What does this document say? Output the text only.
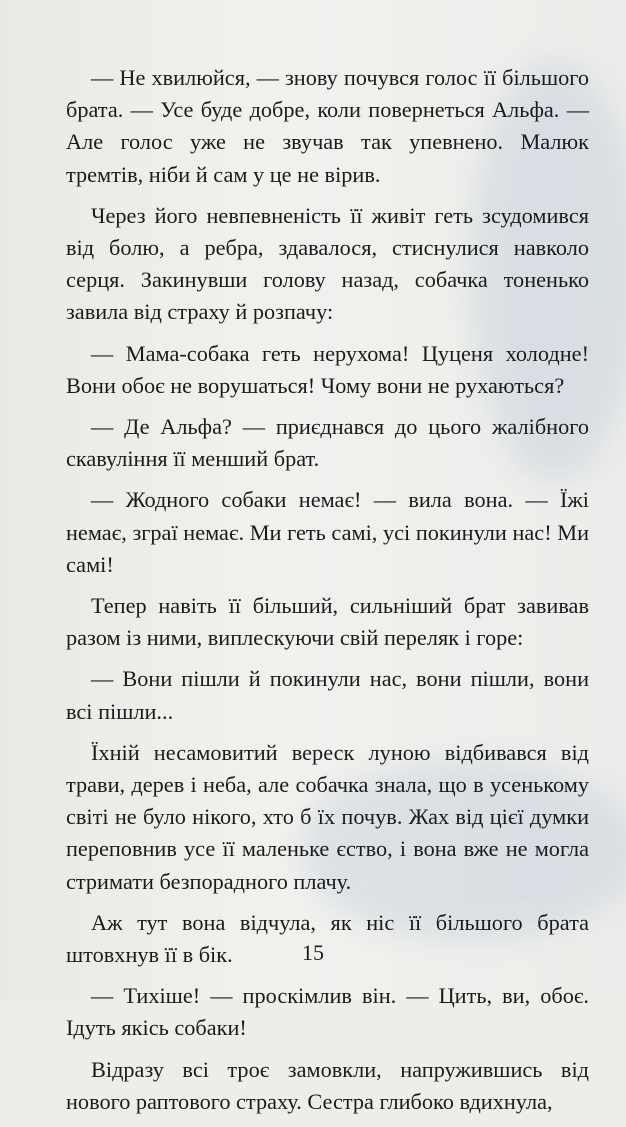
— Не хвилюйся, — знову почувся голос її більшого брата. — Усе буде добре, коли повернеться Альфа. — Але голос уже не звучав так упевнено. Малюк тремтів, ніби й сам у це не вірив.

Через його невпевненість її живіт геть зсудомився від болю, а ребра, здавалося, стиснулися навколо серця. Закинувши голову назад, собачка тоненько завила від страху й розпачу:

— Мама-собака геть нерухома! Цуценя холодне! Вони обоє не ворушаться! Чому вони не рухаються?

— Де Альфа? — приєднався до цього жалібного скавуління її менший брат.

— Жодного собаки немає! — вила вона. — Їжі немає, зграї немає. Ми геть самі, усі покинули нас! Ми самі!

Тепер навіть її більший, сильніший брат завивав разом із ними, виплескуючи свій переляк і горе:

— Вони пішли й покинули нас, вони пішли, вони всі пішли...

Їхній несамовитий вереск луною відбивався від трави, дерев і неба, але собачка знала, що в усенькому світі не було нікого, хто б їх почув. Жах від цієї думки переповнив усе її маленьке єство, і вона вже не могла стримати безпорадного плачу.

Аж тут вона відчула, як ніс її більшого брата штовхнув її в бік.

— Тихіше! — проскімлив він. — Цить, ви, обоє. Ідуть якісь собаки!

Відразу всі троє замовкли, напружившись від нового раптового страху. Сестра глибоко вдихнула,

15
